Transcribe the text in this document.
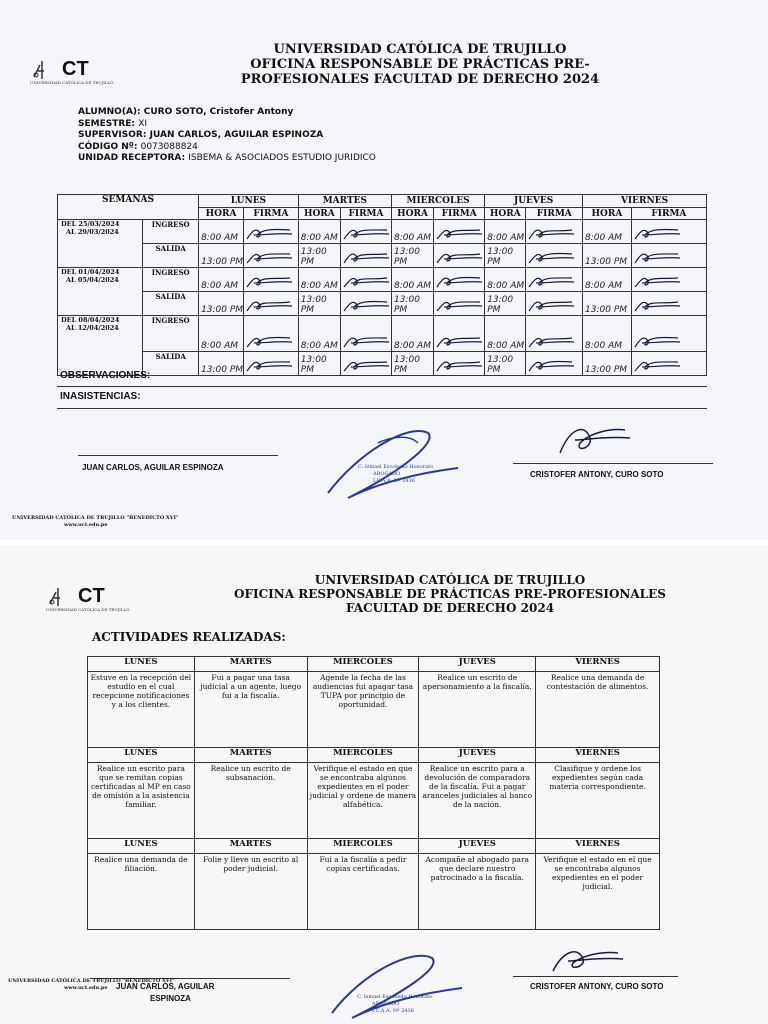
CT
UNIVERSIDAD CATÓLICA DE TRUJILLO
UNIVERSIDAD CATÓLICA DE TRUJILLO
OFICINA RESPONSABLE DE PRÁCTICAS PRE-
PROFESIONALES FACULTAD DE DERECHO 2024
ALUMNO(A): CURO SOTO, Cristofer Antony
SEMESTRE: XI
SUPERVISOR: JUAN CARLOS, AGUILAR ESPINOZA
CÓDIGO Nº: 0073088824
UNIDAD RECEPTORA: ISBEMA & ASOCIADOS ESTUDIO JURIDICO
SEMANAS		LUNES		MARTES		MIERCOLES		JUEVES		VIERNES	
		HORA	FIRMA	HORA	FIRMA	HORA	FIRMA	HORA	FIRMA	HORA	FIRMA

DEL 25/03/2024
AL 29/03/2024	INGRESO	8:00 AM		8:00 AM		8:00 AM		8:00 AM		8:00 AM	

	SALIDA	13:00 PM		13:00 PM		13:00 PM		13:00 PM		13:00 PM	

DEL 01/04/2024
AL 05/04/2024	INGRESO	8:00 AM		8:00 AM		8:00 AM		8:00 AM		8:00 AM	

	SALIDA	13:00 PM		13:00 PM		13:00 PM		13:00 PM		13:00 PM	

DEL 08/04/2024
AL 12/04/2024	INGRESO	8:00 AM		8:00 AM		8:00 AM		8:00 AM		8:00 AM	

	SALIDA	13:00 PM		13:00 PM		13:00 PM		13:00 PM		13:00 PM	
OBSERVACIONES:
INASISTENCIAS:
JUAN CARLOS, AGUILAR ESPINOZA	C. Ismael Escobedo Honorato
ABOGADO
I.C.A.A. Nº 2436
CRISTOFER ANTONY, CURO SOTO
UNIVERSIDAD CATÓLICA DE TRUJILLO "BENEDICTO XVI"
www.uct.edu.pe
CT
UNIVERSIDAD CATÓLICA DE TRUJILLO
UNIVERSIDAD CATÓLICA DE TRUJILLO
OFICINA RESPONSABLE DE PRÁCTICAS PRE-PROFESIONALES
FACULTAD DE DERECHO 2024
ACTIVIDADES REALIZADAS:
LUNES	MARTES	MIERCOLES	JUEVES	VIERNES
Estuve en la recepción del estudio en el cual recepcione notificaciones y a los clientes.	Fui a pagar una tasa judicial a un agente, luego fui a la fiscalía.	Agende la fecha de las audiencias fui apagar tasa TUPA por principio de oportunidad.	Realice un escrito de apersonamiento a la fiscalía.	Realice una demanda de contestación de alimentos.
LUNES	MARTES	MIERCOLES	JUEVES	VIERNES
Realice un escrito para que se remitan copias certificadas al MP en caso de omisión a la asistencia familiar.	Realice un escrito de subsanación.	Verifique el estado en que se encontraba algunos expedientes en el poder judicial y ordene de manera alfabética.	Realice un escrito para a devolución de comparadora de la fiscalía. Fui a pagar aranceles judiciales al banco de la nación.	Clasifique y ordene los expedientes según cada materia correspondiente.
LUNES	MARTES	MIERCOLES	JUEVES	VIERNES
Realice una demanda de filiación.	Folie y lleve un escrito al poder judicial.	Fui a la fiscalía a pedir copias certificadas.	Acompañe al abogado para que declare nuestro patrocinado a la fiscalía.	Verifique el estado en el que se encontraba algunos expedientes en el poder judicial.
JUAN CARLOS, AGUILAR
ESPINOZA	C. Ismael Escobedo Honorato
ABOGADO
I.C.A.A. Nº 2436
CRISTOFER ANTONY, CURO SOTO
UNIVERSIDAD CATÓLICA DE TRUJILLO "BENEDICTO XVI"
www.uct.edu.pe
